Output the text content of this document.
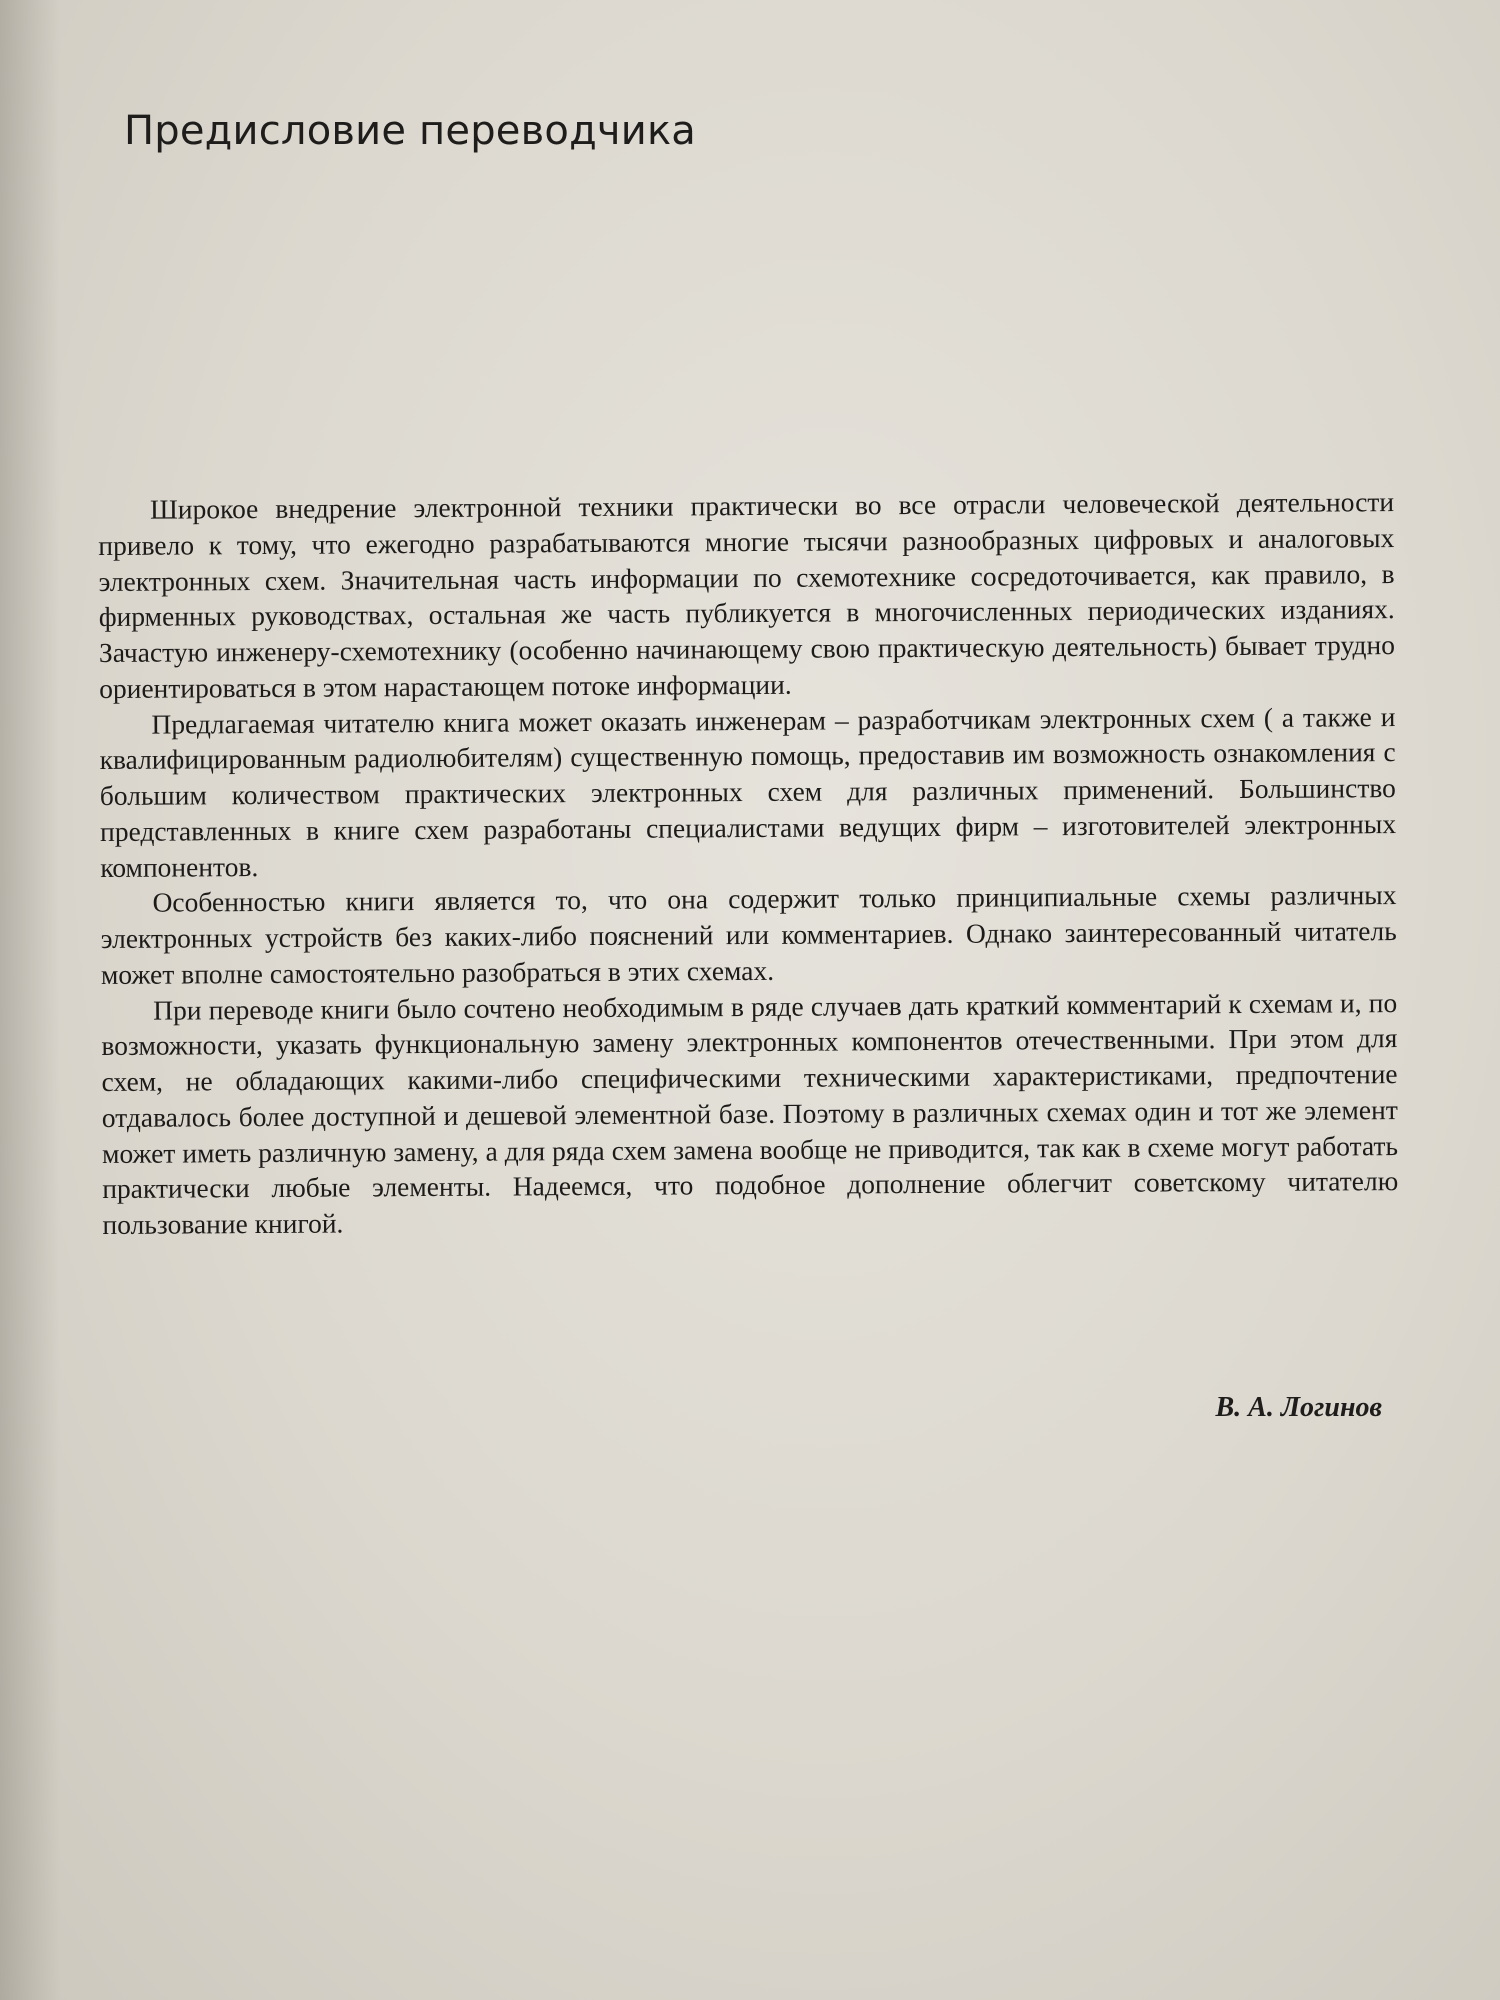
Предисловие переводчика

Широкое внедрение электронной техники практически во все отрасли человеческой деятельности привело к тому, что ежегодно разрабатываются многие тысячи разнообразных цифровых и аналоговых электронных схем. Значительная часть информации по схемотехнике сосредоточивается, как правило, в фирменных руководствах, остальная же часть публикуется в многочисленных периодических изданиях. Зачастую инженеру-схемотехнику (особенно начинающему свою практическую деятельность) бывает трудно ориентироваться в этом нарастающем потоке информации.

Предлагаемая читателю книга может оказать инженерам – разработчикам электронных схем ( а также и квалифицированным радиолюбителям) существенную помощь, предоставив им возможность ознакомления с большим количеством практических электронных схем для различных применений. Большинство представленных в книге схем разработаны специалистами ведущих фирм – изготовителей электронных компонентов.

Особенностью книги является то, что она содержит только принципиальные схемы различных электронных устройств без каких-либо пояснений или комментариев. Однако заинтересованный читатель может вполне самостоятельно разобраться в этих схемах.

При переводе книги было сочтено необходимым в ряде случаев дать краткий комментарий к схемам и, по возможности, указать функциональную замену электронных компонентов отечественными. При этом для схем, не обладающих какими-либо специфическими техническими характеристиками, предпочтение отдавалось более доступной и дешевой элементной базе. Поэтому в различных схемах один и тот же элемент может иметь различную замену, а для ряда схем замена вообще не приводится, так как в схеме могут работать практически любые элементы. Надеемся, что подобное дополнение облегчит советскому читателю пользование книгой.

В. А. Логинов
